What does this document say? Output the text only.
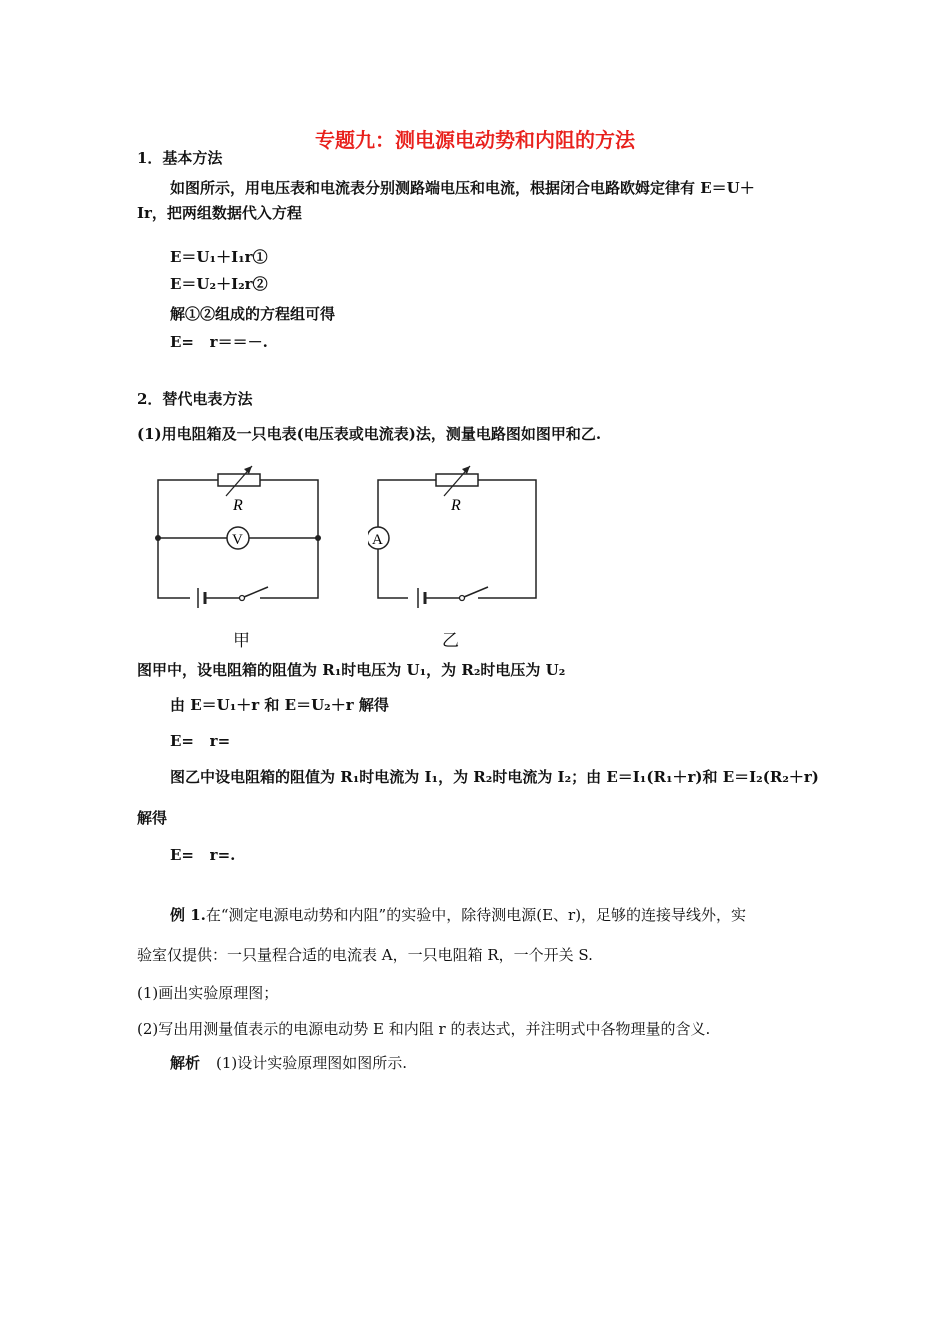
专题九：测电源电动势和内阻的方法
1．基本方法
如图所示，用电压表和电流表分别测路端电压和电流，根据闭合电路欧姆定律有 E＝U＋
Ir，把两组数据代入方程
E＝U₁＋I₁r①
E＝U₂＋I₂r②
解①②组成的方程组可得
E=   r＝＝－.
2．替代电表方法
(1)用电阻箱及一只电表(电压表或电流表)法，测量电路图如图甲和乙.
R
V
甲
R
A
乙
图甲中，设电阻箱的阻值为 R₁时电压为 U₁，为 R₂时电压为 U₂
由 E＝U₁＋r 和 E＝U₂＋r 解得
E=   r=
图乙中设电阻箱的阻值为 R₁时电流为 I₁，为 R₂时电流为 I₂；由 E＝I₁(R₁＋r)和 E＝I₂(R₂＋r)
解得
E=   r=.
例 1.在“测定电源电动势和内阻”的实验中，除待测电源(E、r)，足够的连接导线外，实
验室仅提供：一只量程合适的电流表 A，一只电阻箱 R，一个开关 S.
(1)画出实验原理图；
(2)写出用测量值表示的电源电动势 E 和内阻 r 的表达式，并注明式中各物理量的含义.
解析 (1)设计实验原理图如图所示.
